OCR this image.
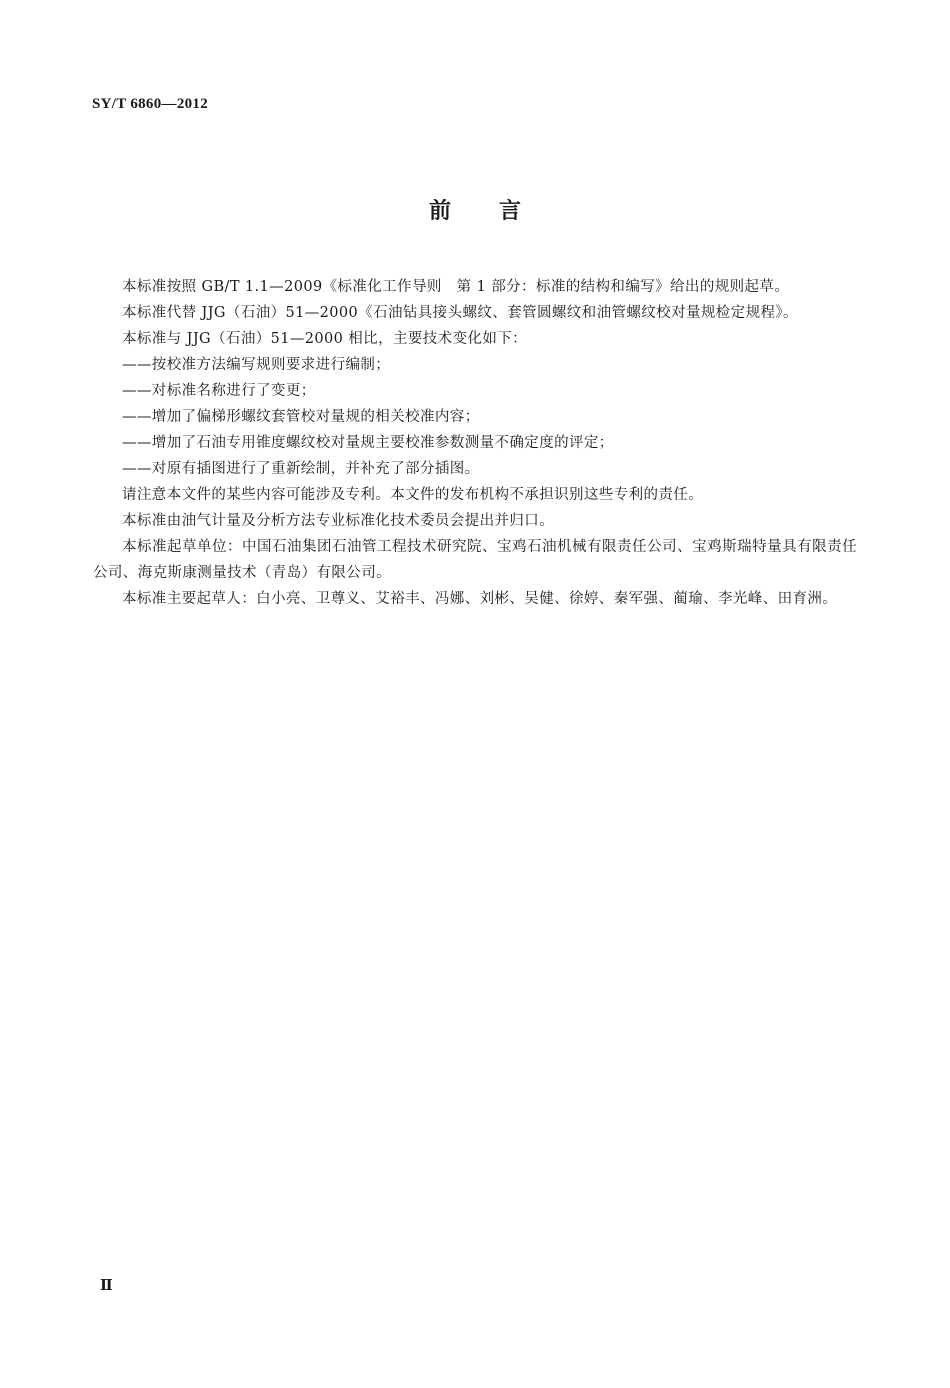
SY/T 6860—2012
前言

本标准按照 GB/T 1.1—2009《标准化工作导则　第 1 部分：标准的结构和编写》给出的规则起草。

本标准代替 JJG（石油）51—2000《石油钻具接头螺纹、套管圆螺纹和油管螺纹校对量规检定规程》。

本标准与 JJG（石油）51—2000 相比，主要技术变化如下：

——按校准方法编写规则要求进行编制；

——对标准名称进行了变更；

——增加了偏梯形螺纹套管校对量规的相关校准内容；

——增加了石油专用锥度螺纹校对量规主要校准参数测量不确定度的评定；

——对原有插图进行了重新绘制，并补充了部分插图。

请注意本文件的某些内容可能涉及专利。本文件的发布机构不承担识别这些专利的责任。

本标准由油气计量及分析方法专业标准化技术委员会提出并归口。

本标准起草单位：中国石油集团石油管工程技术研究院、宝鸡石油机械有限责任公司、宝鸡斯瑞特量具有限责任公司、海克斯康测量技术（青岛）有限公司。

本标准主要起草人：白小亮、卫尊义、艾裕丰、冯娜、刘彬、吴健、徐婷、秦军强、蔺瑜、李光峰、田育洲。

Ⅱ
